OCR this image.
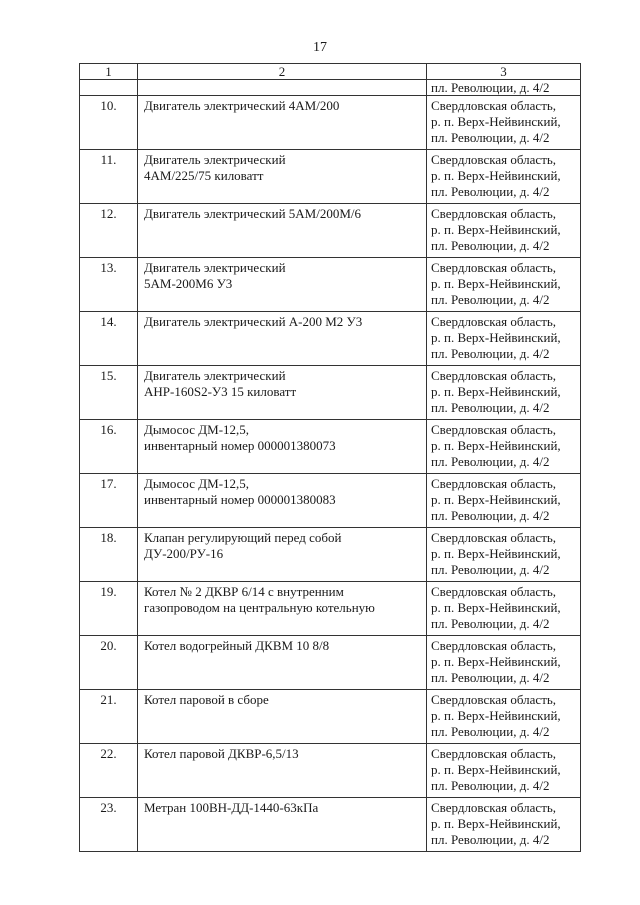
17
1	2	3
		пл. Революции, д. 4/2
10.	Двигатель электрический 4АМ/200	Свердловская область,
р. п. Верх-Нейвинский,
пл. Революции, д. 4/2

11.	Двигатель электрический
4АМ/225/75 киловатт	Свердловская область,
р. п. Верх-Нейвинский,
пл. Революции, д. 4/2

12.	Двигатель электрический 5АМ/200М/6	Свердловская область,
р. п. Верх-Нейвинский,
пл. Революции, д. 4/2

13.	Двигатель электрический
5АМ-200М6 У3	Свердловская область,
р. п. Верх-Нейвинский,
пл. Революции, д. 4/2

14.	Двигатель электрический А-200 М2 У3	Свердловская область,
р. п. Верх-Нейвинский,
пл. Революции, д. 4/2

15.	Двигатель электрический
АНР-160S2-У3 15 киловатт	Свердловская область,
р. п. Верх-Нейвинский,
пл. Революции, д. 4/2

16.	Дымосос ДМ-12,5,
инвентарный номер 000001380073	Свердловская область,
р. п. Верх-Нейвинский,
пл. Революции, д. 4/2

17.	Дымосос ДМ-12,5,
инвентарный номер 000001380083	Свердловская область,
р. п. Верх-Нейвинский,
пл. Революции, д. 4/2

18.	Клапан регулирующий перед собой
ДУ-200/РУ-16	Свердловская область,
р. п. Верх-Нейвинский,
пл. Революции, д. 4/2

19.	Котел № 2 ДКВР 6/14 с внутренним
газопроводом на центральную котельную	Свердловская область,
р. п. Верх-Нейвинский,
пл. Революции, д. 4/2

20.	Котел водогрейный ДКВМ 10 8/8	Свердловская область,
р. п. Верх-Нейвинский,
пл. Революции, д. 4/2

21.	Котел паровой в сборе	Свердловская область,
р. п. Верх-Нейвинский,
пл. Революции, д. 4/2

22.	Котел паровой ДКВР-6,5/13	Свердловская область,
р. п. Верх-Нейвинский,
пл. Революции, д. 4/2

23.	Метран 100ВН-ДД-1440-63кПа	Свердловская область,
р. п. Верх-Нейвинский,
пл. Революции, д. 4/2
